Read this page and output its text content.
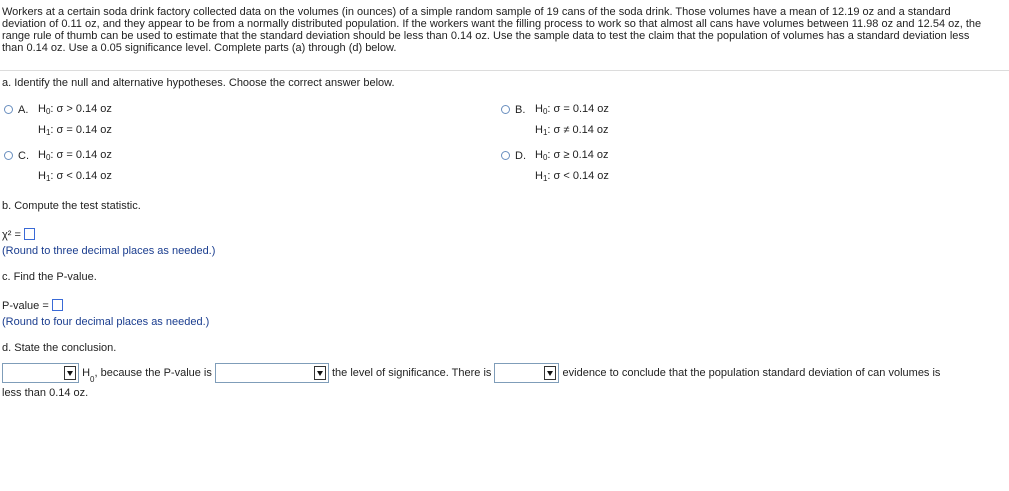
Workers at a certain soda drink factory collected data on the volumes (in ounces) of a simple random sample of 19 cans of the soda drink. Those volumes have a mean of 12.19 oz and a standard deviation of 0.11 oz, and they appear to be from a normally distributed population. If the workers want the filling process to work so that almost all cans have volumes between 11.98 oz and 12.54 oz, the range rule of thumb can be used to estimate that the standard deviation should be less than 0.14 oz. Use the sample data to test the claim that the population of volumes has a standard deviation less than 0.14 oz. Use a 0.05 significance level. Complete parts (a) through (d) below.
a. Identify the null and alternative hypotheses. Choose the correct answer below.
A. $H_0$: σ > 0.14 oz
$H_1$: σ = 0.14 oz
B. $H_0$: σ = 0.14 oz
$H_1$: σ ≠ 0.14 oz
C. $H_0$: σ = 0.14 oz
$H_1$: σ < 0.14 oz
D. $H_0$: σ ≥ 0.14 oz
$H_1$: σ < 0.14 oz
b. Compute the test statistic.
χ² =
(Round to three decimal places as needed.)
c. Find the P-value.
P-value =
(Round to four decimal places as needed.)
d. State the conclusion.
$H_0$, because the P-value is	the level of significance. There is	evidence to conclude that the population standard deviation of can volumes is
less than 0.14 oz.
